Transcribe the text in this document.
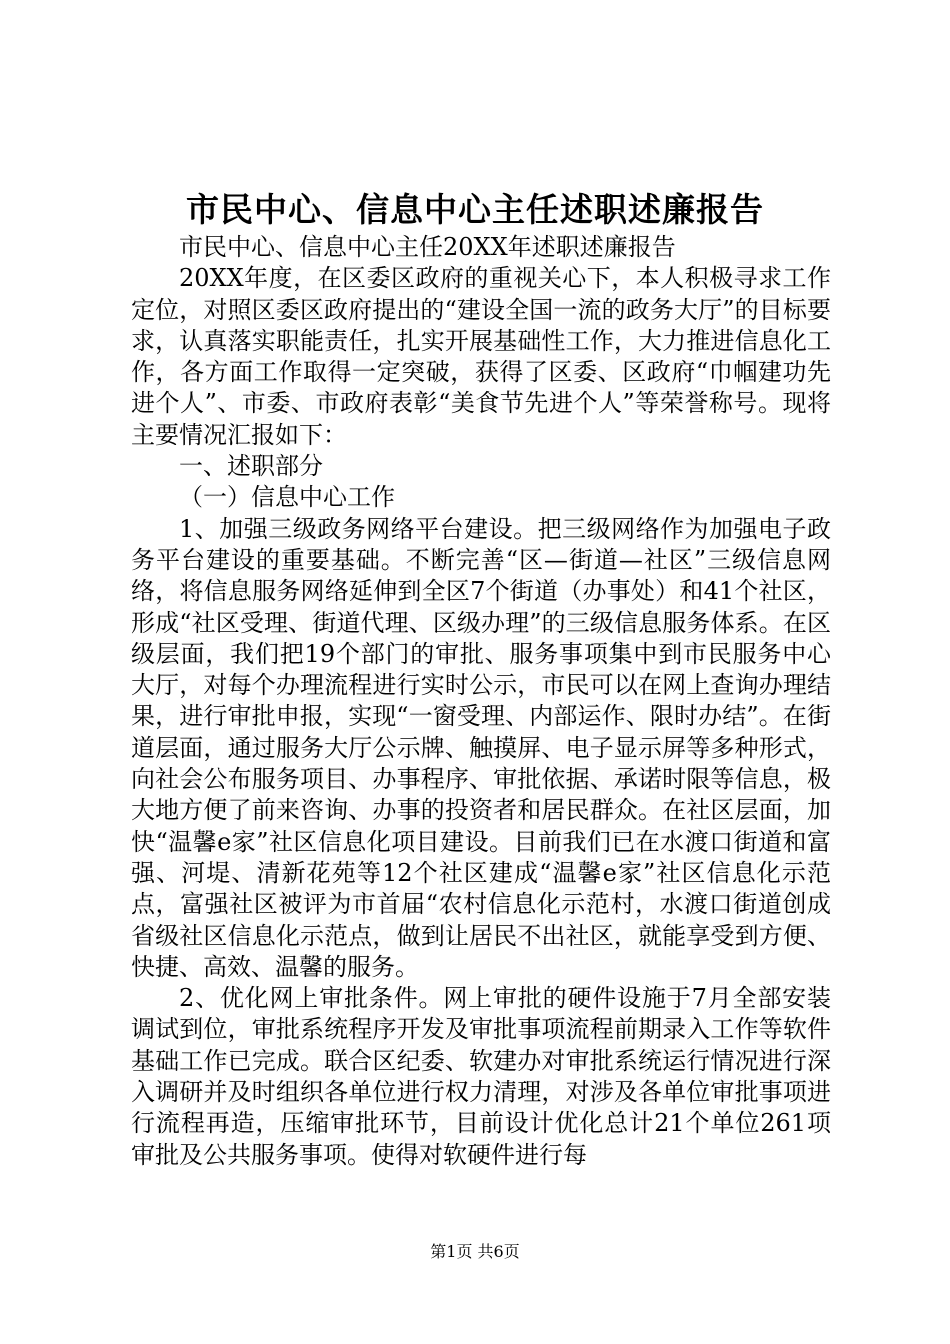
市民中心、信息中心主任述职述廉报告

市民中心、信息中心主任20XX年述职述廉报告

20XX年度，在区委区政府的重视关心下，本人积极寻求工作定位，对照区委区政府提出的“建设全国一流的政务大厅”的目标要求，认真落实职能责任，扎实开展基础性工作，大力推进信息化工作，各方面工作取得一定突破，获得了区委、区政府“巾帼建功先进个人”、市委、市政府表彰“美食节先进个人”等荣誉称号。现将主要情况汇报如下：

一、述职部分

（一）信息中心工作

1、加强三级政务网络平台建设。把三级网络作为加强电子政务平台建设的重要基础。不断完善“区—街道—社区”三级信息网络，将信息服务网络延伸到全区7个街道（办事处）和41个社区，形成“社区受理、街道代理、区级办理”的三级信息服务体系。在区级层面，我们把19个部门的审批、服务事项集中到市民服务中心大厅，对每个办理流程进行实时公示，市民可以在网上查询办理结果，进行审批申报，实现“一窗受理、内部运作、限时办结”。在街道层面，通过服务大厅公示牌、触摸屏、电子显示屏等多种形式，向社会公布服务项目、办事程序、审批依据、承诺时限等信息，极大地方便了前来咨询、办事的投资者和居民群众。在社区层面，加快“温馨e家”社区信息化项目建设。目前我们已在水渡口街道和富强、河堤、清新花苑等12个社区建成“温馨e家”社区信息化示范点，富强社区被评为市首届“农村信息化示范村，水渡口街道创成省级社区信息化示范点，做到让居民不出社区，就能享受到方便、快捷、高效、温馨的服务。

2、优化网上审批条件。网上审批的硬件设施于7月全部安装调试到位，审批系统程序开发及审批事项流程前期录入工作等软件基础工作已完成。联合区纪委、软建办对审批系统运行情况进行深入调研并及时组织各单位进行权力清理，对涉及各单位审批事项进行流程再造，压缩审批环节，目前设计优化总计21个单位261项审批及公共服务事项。使得对软硬件进行每

第1页 共6页
